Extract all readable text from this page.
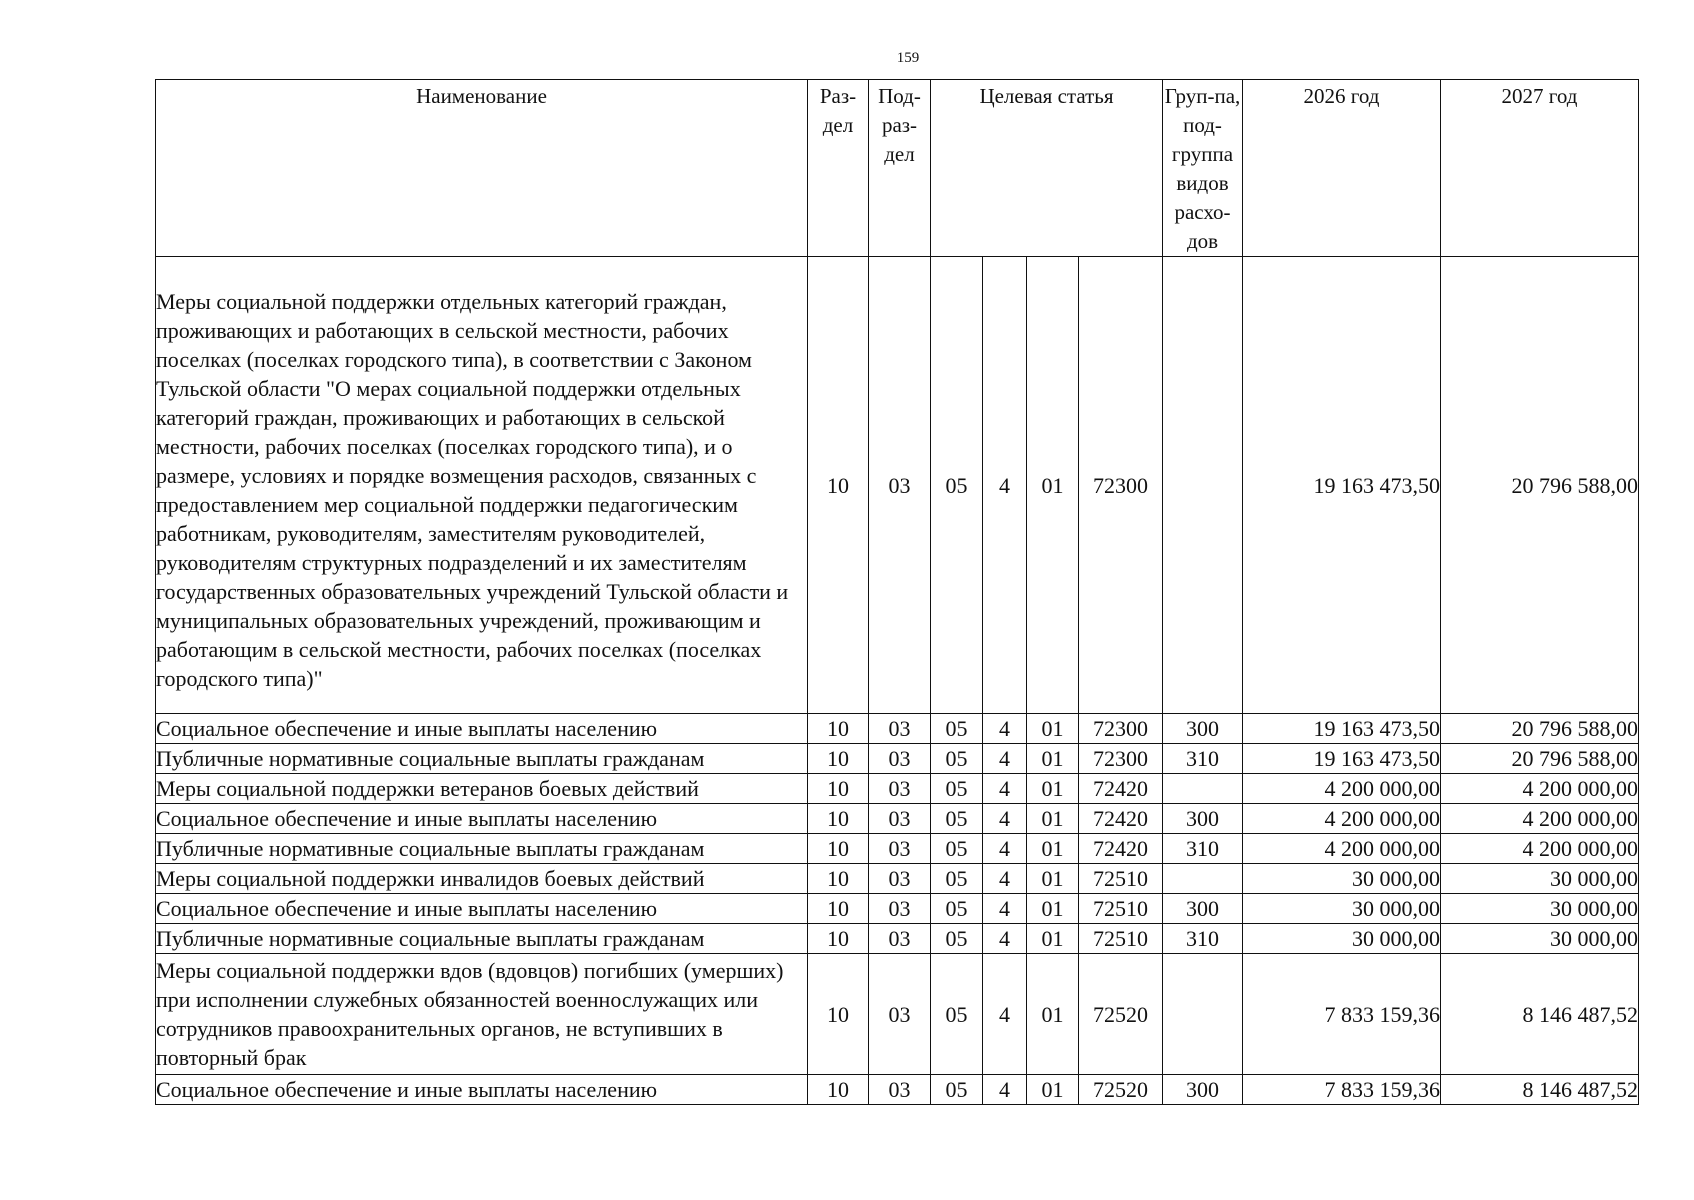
159
Наименование	Раз-дел	Под-раз-дел	Целевая статья				Груп-па, под-группа видов расхо-дов	2026 год	2027 год
Меры социальной поддержки отдельных категорий граждан, проживающих и работающих в сельской местности, рабочих поселках (поселках городского типа), в соответствии с Законом Тульской области "О мерах социальной поддержки отдельных категорий граждан, проживающих и работающих в сельской местности, рабочих поселках (поселках городского типа), и о размере, условиях и порядке возмещения расходов, связанных с предоставлением мер социальной поддержки педагогическим работникам, руководителям, заместителям руководителей, руководителям структурных подразделений и их заместителям государственных образовательных учреждений Тульской области и муниципальных образовательных учреждений, проживающим и работающим в сельской местности, рабочих поселках (поселках городского типа)"	10	03	05	4	01	72300		19 163 473,50	20 796 588,00
Социальное обеспечение и иные выплаты населению	10	03	05	4	01	72300	300	19 163 473,50	20 796 588,00
Публичные нормативные социальные выплаты гражданам	10	03	05	4	01	72300	310	19 163 473,50	20 796 588,00
Меры социальной поддержки ветеранов боевых действий	10	03	05	4	01	72420		4 200 000,00	4 200 000,00
Социальное обеспечение и иные выплаты населению	10	03	05	4	01	72420	300	4 200 000,00	4 200 000,00
Публичные нормативные социальные выплаты гражданам	10	03	05	4	01	72420	310	4 200 000,00	4 200 000,00
Меры социальной поддержки инвалидов боевых действий	10	03	05	4	01	72510		30 000,00	30 000,00
Социальное обеспечение и иные выплаты населению	10	03	05	4	01	72510	300	30 000,00	30 000,00
Публичные нормативные социальные выплаты гражданам	10	03	05	4	01	72510	310	30 000,00	30 000,00
Меры социальной поддержки вдов (вдовцов) погибших (умерших) при исполнении служебных обязанностей военнослужащих или сотрудников правоохранительных органов, не вступивших в повторный брак	10	03	05	4	01	72520		7 833 159,36	8 146 487,52
Социальное обеспечение и иные выплаты населению	10	03	05	4	01	72520	300	7 833 159,36	8 146 487,52
